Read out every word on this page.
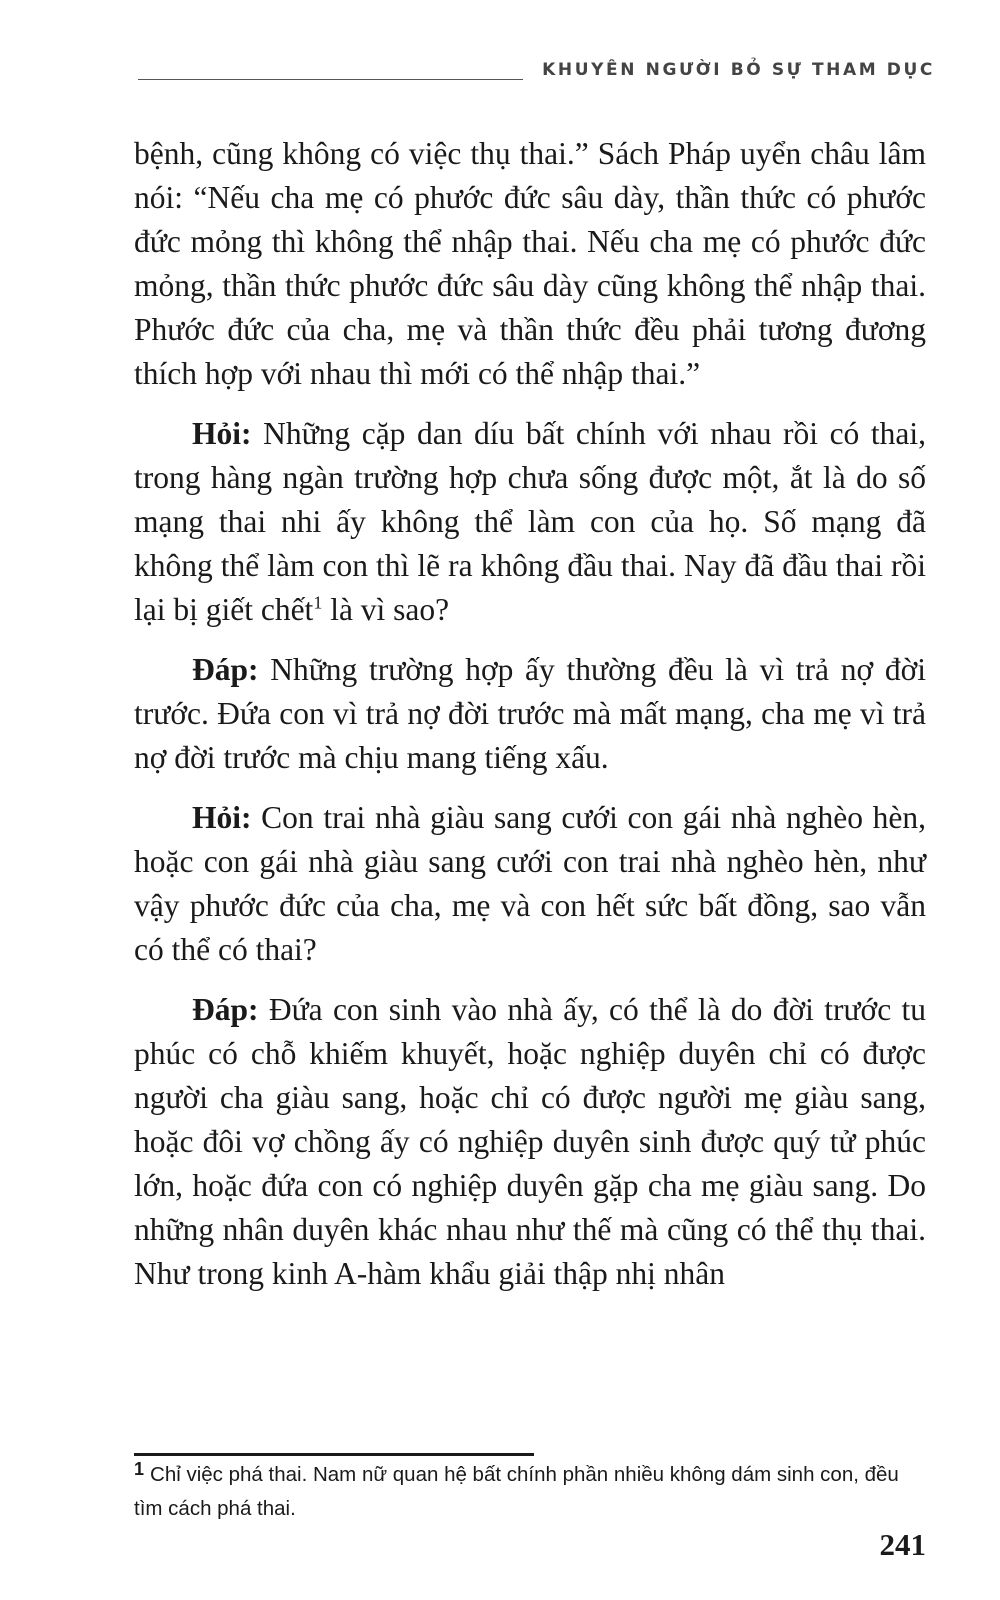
KHUYÊN NGƯỜI BỎ SỰ THAM DỤC

bệnh, cũng không có việc thụ thai.” Sách Pháp uyển châu lâm nói: “Nếu cha mẹ có phước đức sâu dày, thần thức có phước đức mỏng thì không thể nhập thai. Nếu cha mẹ có phước đức mỏng, thần thức phước đức sâu dày cũng không thể nhập thai. Phước đức của cha, mẹ và thần thức đều phải tương đương thích hợp với nhau thì mới có thể nhập thai.”

Hỏi: Những cặp dan díu bất chính với nhau rồi có thai, trong hàng ngàn trường hợp chưa sống được một, ắt là do số mạng thai nhi ấy không thể làm con của họ. Số mạng đã không thể làm con thì lẽ ra không đầu thai. Nay đã đầu thai rồi lại bị giết chết$^1$ là vì sao?

Đáp: Những trường hợp ấy thường đều là vì trả nợ đời trước. Đứa con vì trả nợ đời trước mà mất mạng, cha mẹ vì trả nợ đời trước mà chịu mang tiếng xấu.

Hỏi: Con trai nhà giàu sang cưới con gái nhà nghèo hèn, hoặc con gái nhà giàu sang cưới con trai nhà nghèo hèn, như vậy phước đức của cha, mẹ và con hết sức bất đồng, sao vẫn có thể có thai?

Đáp: Đứa con sinh vào nhà ấy, có thể là do đời trước tu phúc có chỗ khiếm khuyết, hoặc nghiệp duyên chỉ có được người cha giàu sang, hoặc chỉ có được người mẹ giàu sang, hoặc đôi vợ chồng ấy có nghiệp duyên sinh được quý tử phúc lớn, hoặc đứa con có nghiệp duyên gặp cha mẹ giàu sang. Do những nhân duyên khác nhau như thế mà cũng có thể thụ thai. Như trong kinh A-hàm khẩu giải thập nhị nhân

1 Chỉ việc phá thai. Nam nữ quan hệ bất chính phần nhiều không dám sinh con, đều tìm cách phá thai.
241
